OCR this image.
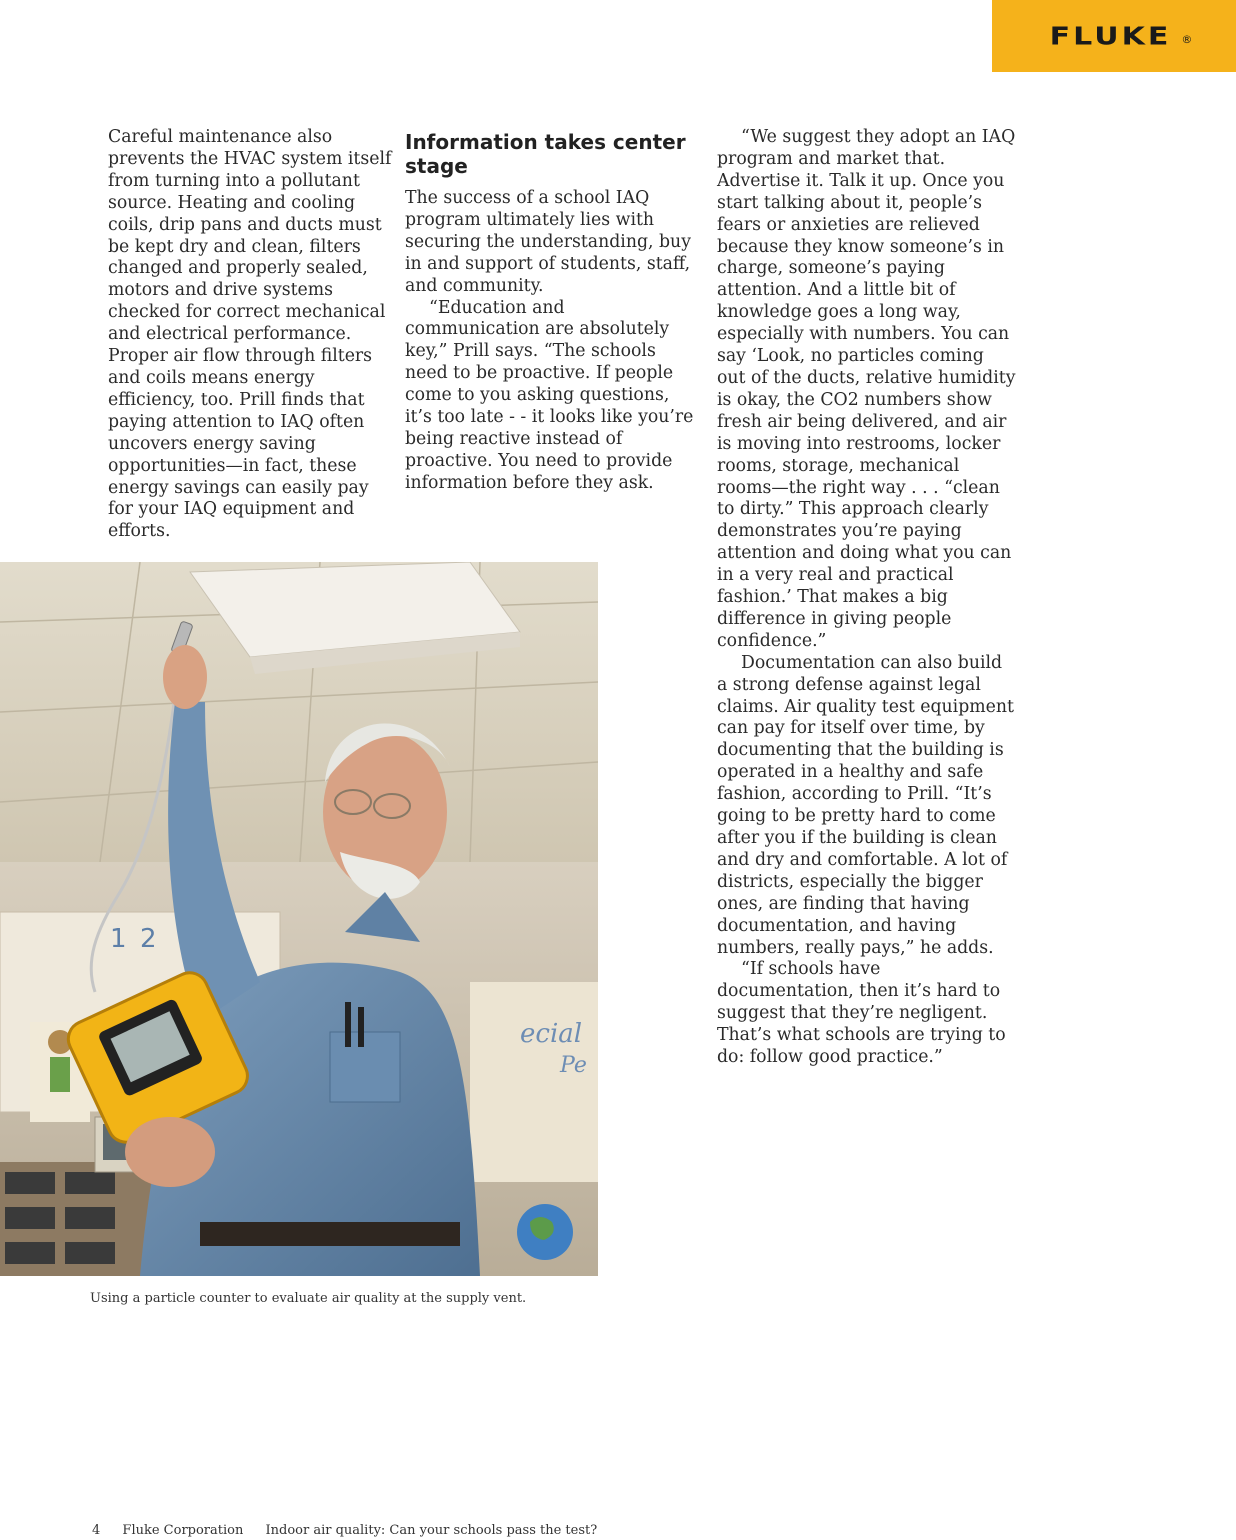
FLUKE ®

Careful maintenance also prevents the HVAC system itself from turning into a pollutant source. Heating and cooling coils, drip pans and ducts must be kept dry and clean, filters changed and properly sealed, motors and drive systems checked for correct mechanical and electrical performance. Proper air flow through filters and coils means energy efficiency, too. Prill finds that paying attention to IAQ often uncovers energy saving opportunities—in fact, these energy savings can easily pay for your IAQ equipment and efforts.

Information takes center stage

The success of a school IAQ program ultimately lies with securing the understanding, buy in and support of students, staff, and community.

“Education and communication are absolutely key,” Prill says. “The schools need to be proactive. If people come to you asking questions, it’s too late - - it looks like you’re being reactive instead of proactive. You need to provide information before they ask.

“We suggest they adopt an IAQ program and market that. Advertise it. Talk it up. Once you start talking about it, people’s fears or anxieties are relieved because they know someone’s in charge, someone’s paying attention. And a little bit of knowledge goes a long way, especially with numbers. You can say ‘Look, no particles coming out of the ducts, relative humidity is okay, the CO2 numbers show fresh air being delivered, and air is moving into restrooms, locker rooms, storage, mechanical rooms—the right way . . . “clean to dirty.” This approach clearly demonstrates you’re paying attention and doing what you can in a very real and practical fashion.’ That makes a big difference in giving people confidence.”

Documentation can also build a strong defense against legal claims. Air quality test equipment can pay for itself over time, by documenting that the building is operated in a healthy and safe fashion, according to Prill. “It’s going to be pretty hard to come after you if the building is clean and dry and comfortable. A lot of districts, especially the bigger ones, are finding that having documentation, and having numbers, really pays,” he adds.

“If schools have documentation, then it’s hard to suggest that they’re negligent. That’s what schools are trying to do: follow good practice.”

1 2
ecial
Pe
Using a particle counter to evaluate air quality at the supply vent.
4 Fluke Corporation Indoor air quality: Can your schools pass the test?
